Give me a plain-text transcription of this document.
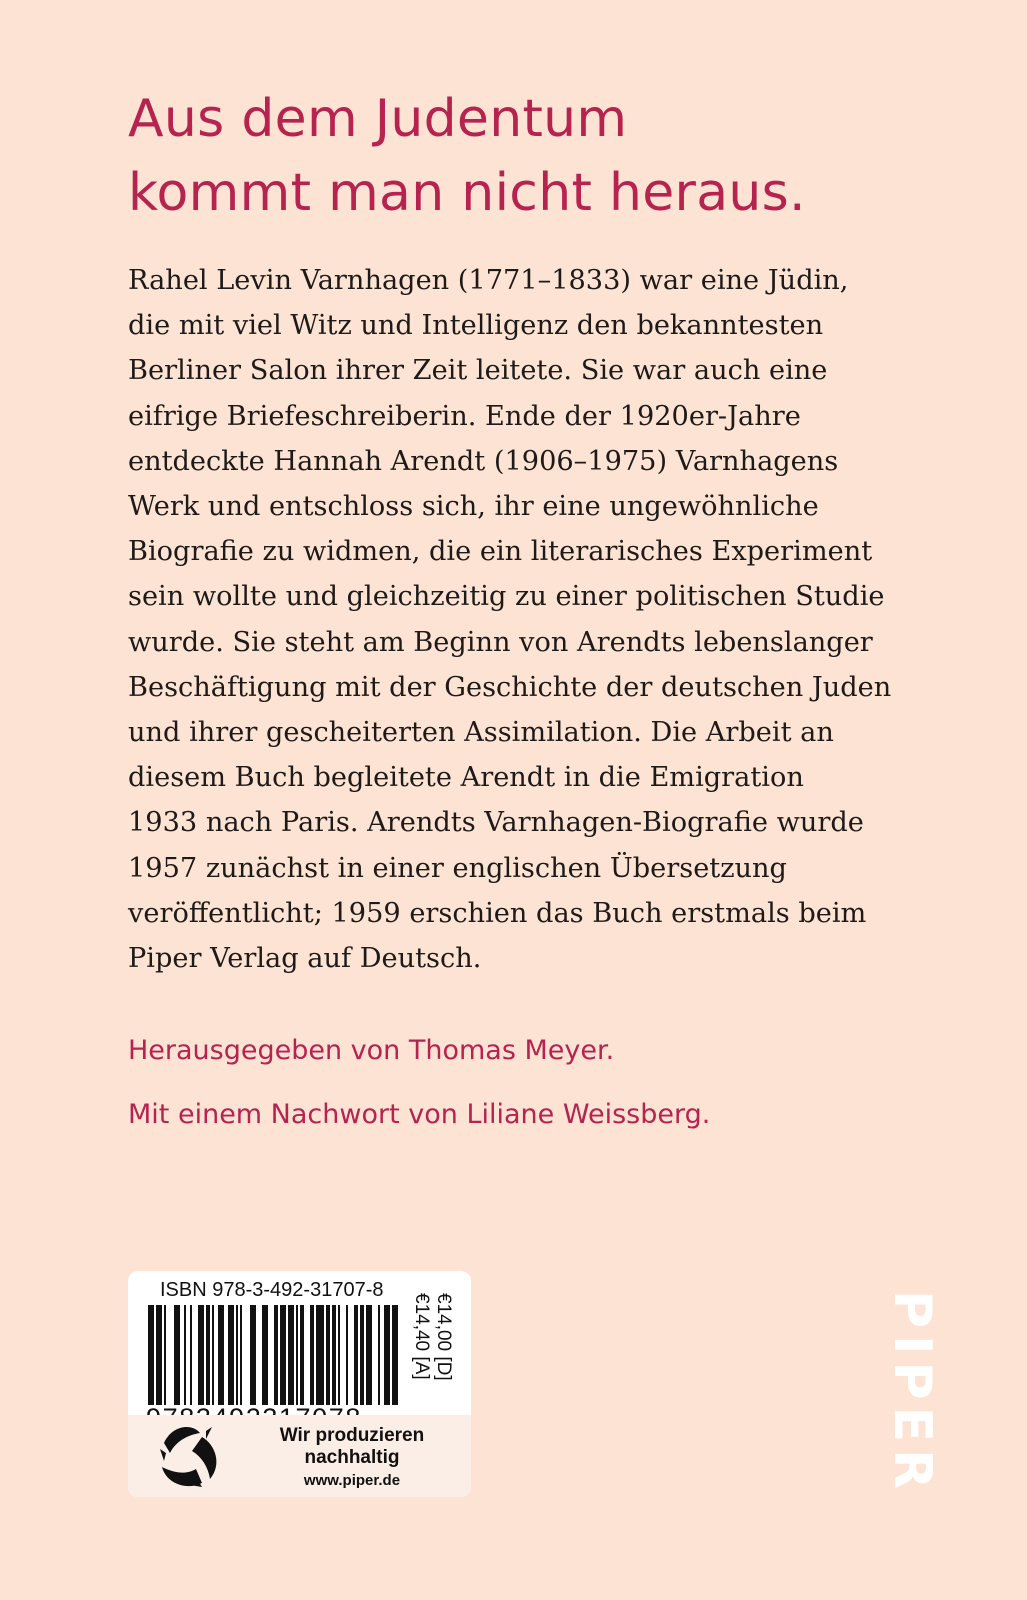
Aus dem Judentum
kommt man nicht heraus.

Rahel Levin Varnhagen (1771–1833) war eine Jüdin,
die mit viel Witz und Intelligenz den bekanntesten
Berliner Salon ihrer Zeit leitete. Sie war auch eine
eifrige Briefeschreiberin. Ende der 1920er-Jahre
entdeckte Hannah Arendt (1906–1975) Varnhagens
Werk und entschloss sich, ihr eine ungewöhnliche
Biografie zu widmen, die ein literarisches Experiment
sein wollte und gleichzeitig zu einer politischen Studie
wurde. Sie steht am Beginn von Arendts lebenslanger
Beschäftigung mit der Geschichte der deutschen Juden
und ihrer gescheiterten Assimilation. Die Arbeit an
diesem Buch begleitete Arendt in die Emigration
1933 nach Paris. Arendts Varnhagen-Biografie wurde
1957 zunächst in einer englischen Übersetzung
veröffentlicht; 1959 erschien das Buch erstmals beim
Piper Verlag auf Deutsch.

Herausgegeben von Thomas Meyer.

Mit einem Nachwort von Liliane Weissberg.

ISBN 978-3-492-31707-8
€14,00 [D]
€14,40 [A]
Wir produzieren
nachhaltig
www.piper.de	PIPER
